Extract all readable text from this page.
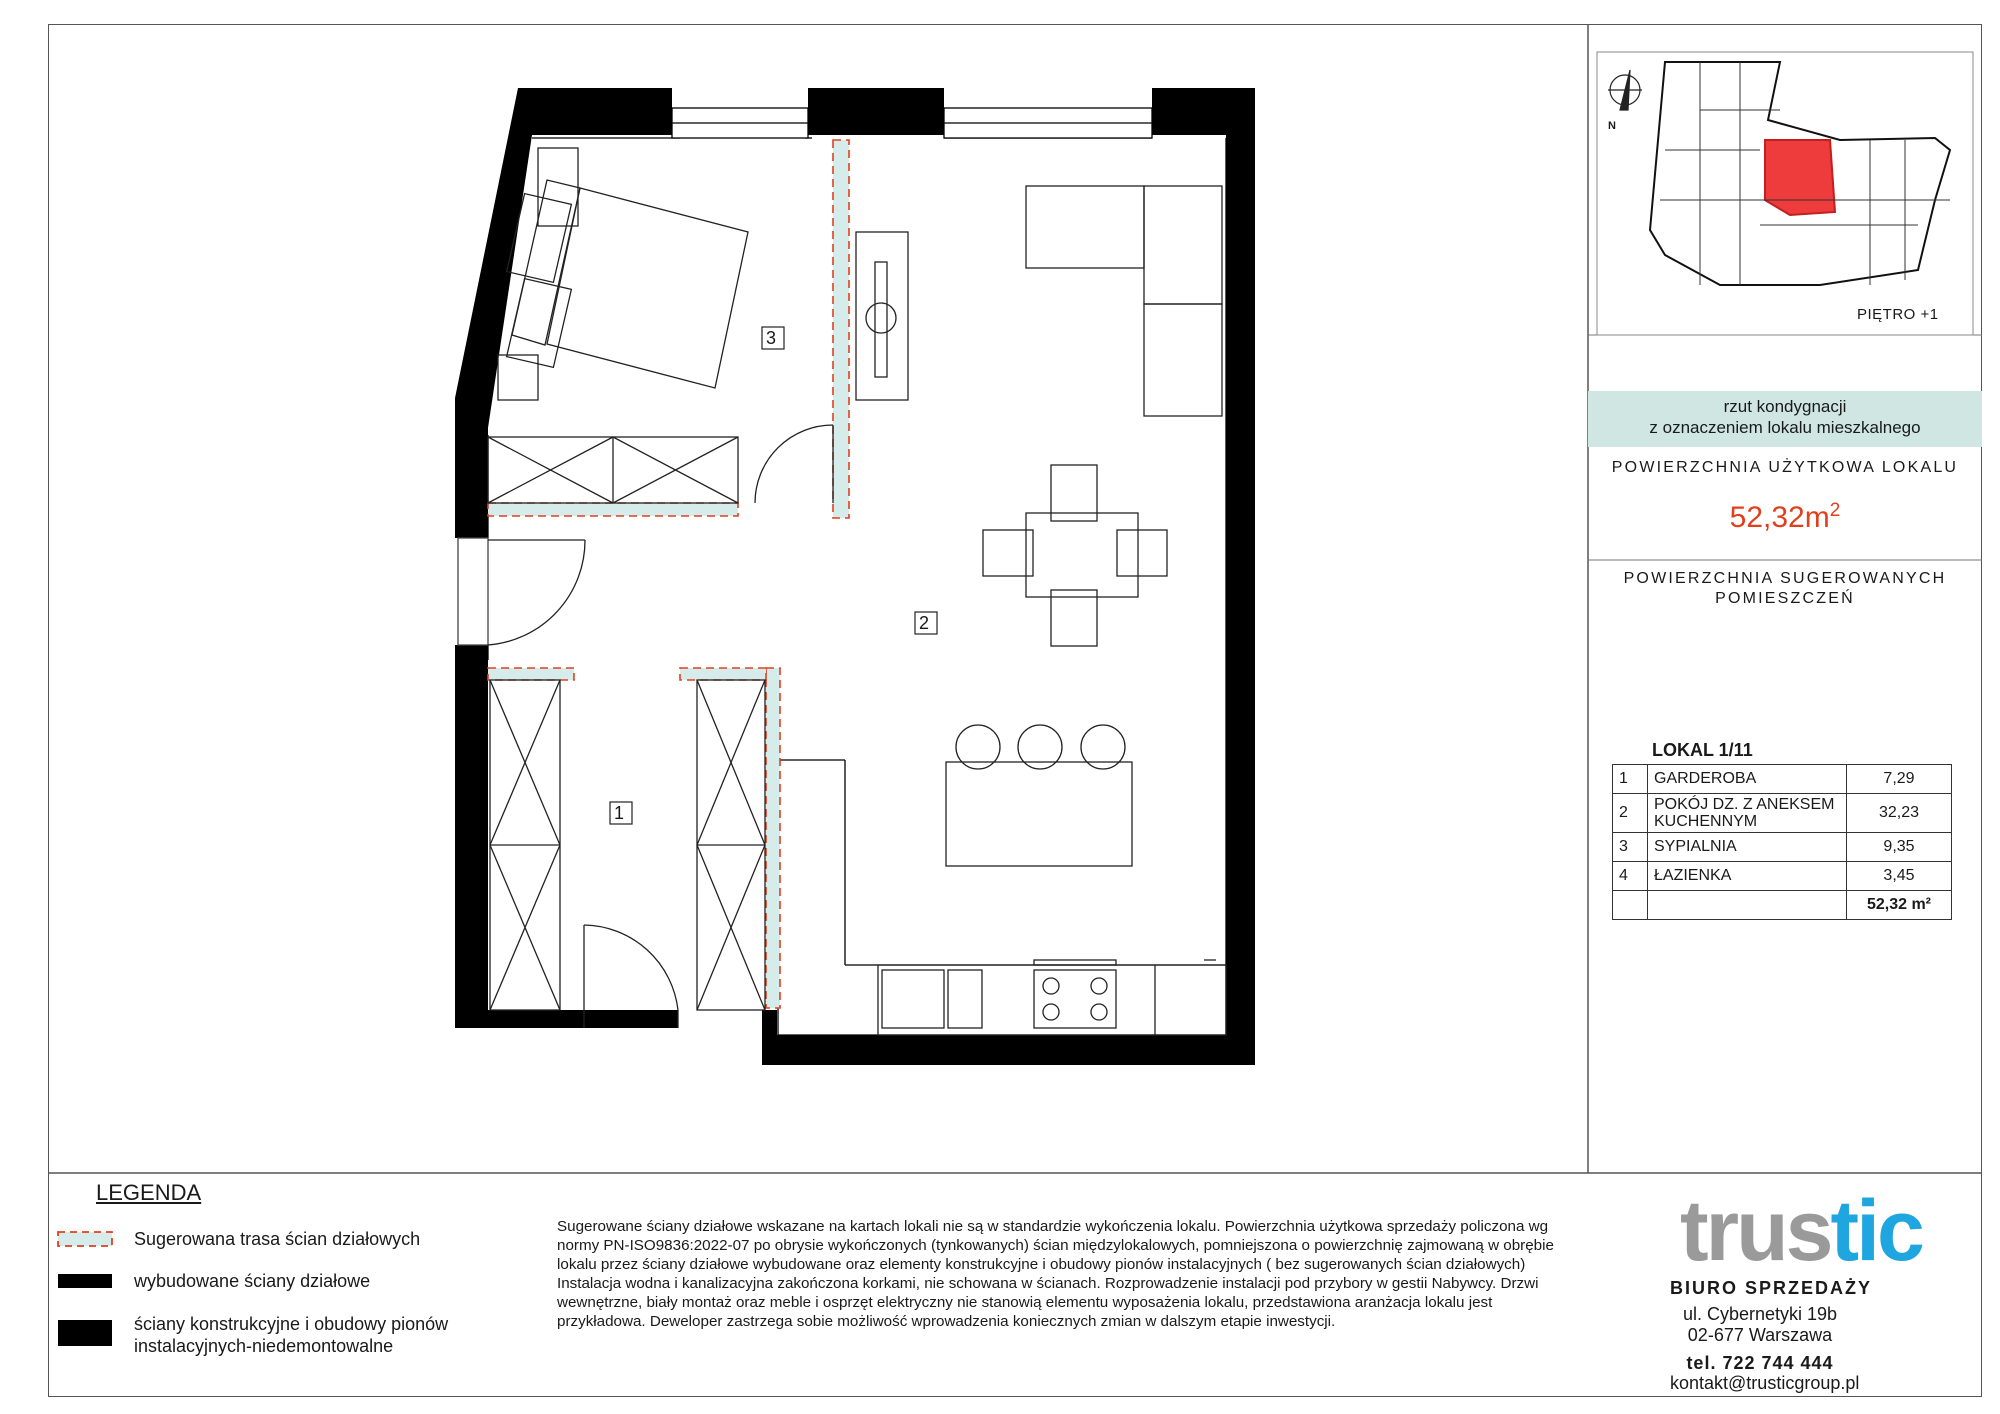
1
2
3
N
PIĘTRO +1
rzut kondygnacji
z oznaczeniem lokalu mieszkalnego
POWIERZCHNIA UŻYTKOWA LOKALU
$52,32m^2$
POWIERZCHNIA SUGEROWANYCH
POMIESZCZEŃ
LOKAL 1/11
1	GARDEROBA	7,29
2	POKÓJ DZ. Z ANEKSEM KUCHENNYM	32,23
3	SYPIALNIA	9,35
4	ŁAZIENKA	3,45
		52,32 m²
LEGENDA
Sugerowana trasa ścian działowych
wybudowane ściany działowe
ściany konstrukcyjne i obudowy pionów
instalacyjnych-niedemontowalne
Sugerowane ściany działowe wskazane na kartach lokali nie są w standardzie wykończenia lokalu. Powierzchnia użytkowa sprzedaży policzona wg normy PN-ISO9836:2022-07 po obrysie wykończonych (tynkowanych) ścian międzylokalowych, pomniejszona o powierzchnię zajmowaną w obrębie lokalu przez ściany działowe wybudowane oraz elementy konstrukcyjne i obudowy pionów instalacyjnych ( bez sugerowanych ścian działowych) Instalacja wodna i kanalizacyjna zakończona korkami, nie schowana w ścianach. Rozprowadzenie instalacji pod przybory w gestii Nabywcy. Drzwi wewnętrzne, biały montaż oraz meble i osprzęt elektryczny nie stanowią elementu wyposażenia lokalu, przedstawiona aranżacja lokalu jest przykładowa. Deweloper zastrzega sobie możliwość wprowadzenia koniecznych zmian w dalszym etapie inwestycji.
trustic
BIURO SPRZEDAŻY
ul. Cybernetyki 19b
02-677 Warszawa
tel. 722 744 444
kontakt@trusticgroup.pl
